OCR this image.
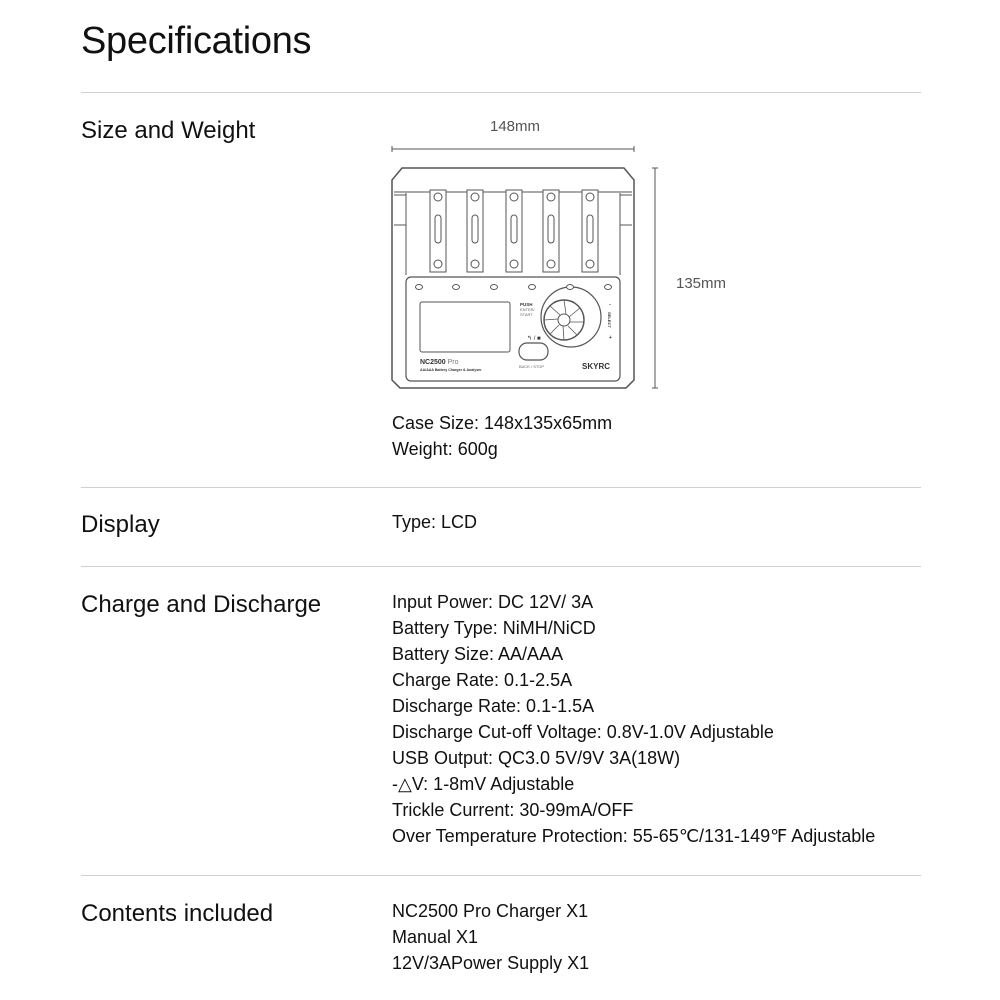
Specifications
Size and Weight	148mm
135mm
NC2500 Pro
AA/AAA Battery Charger & Analyser
PUSH
ENTER/
START
↰ / ■
BACK / STOP	SKYRC
−
SELECT
+
Case Size: 148x135x65mm
Weight: 600g
Display	Type: LCD
Charge and Discharge	Input Power: DC 12V/ 3A
Battery Type: NiMH/NiCD
Battery Size: AA/AAA
Charge Rate: 0.1-2.5A
Discharge Rate: 0.1-1.5A
Discharge Cut-off Voltage: 0.8V-1.0V Adjustable
USB Output: QC3.0 5V/9V 3A(18W)
-△V: 1-8mV Adjustable
Trickle Current: 30-99mA/OFF
Over Temperature Protection: 55-65℃/131-149℉ Adjustable
Contents included	NC2500 Pro Charger X1
Manual X1
12V/3APower Supply X1
